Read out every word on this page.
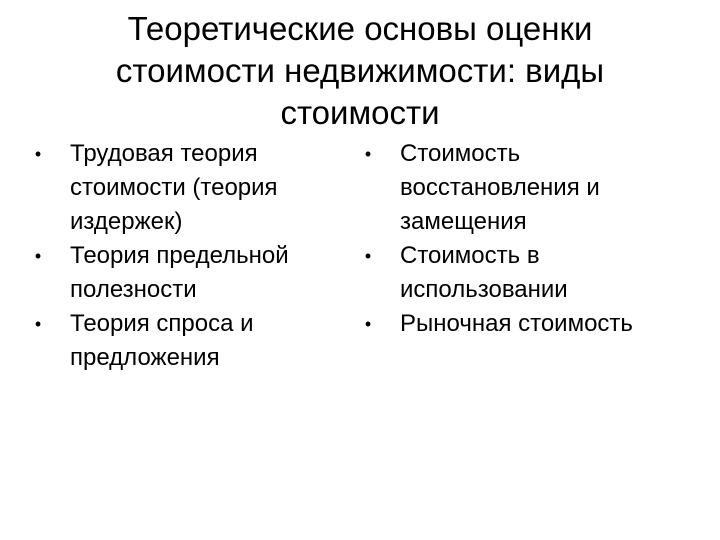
Теоретические основы оценки
стоимости недвижимости: виды
стоимости
• Трудовая теория
стоимости (теория
издержек)
• Теория предельной
полезности
• Теория спроса и
предложения
• Стоимость
восстановления и
замещения
• Стоимость в
использовании
• Рыночная стоимость
